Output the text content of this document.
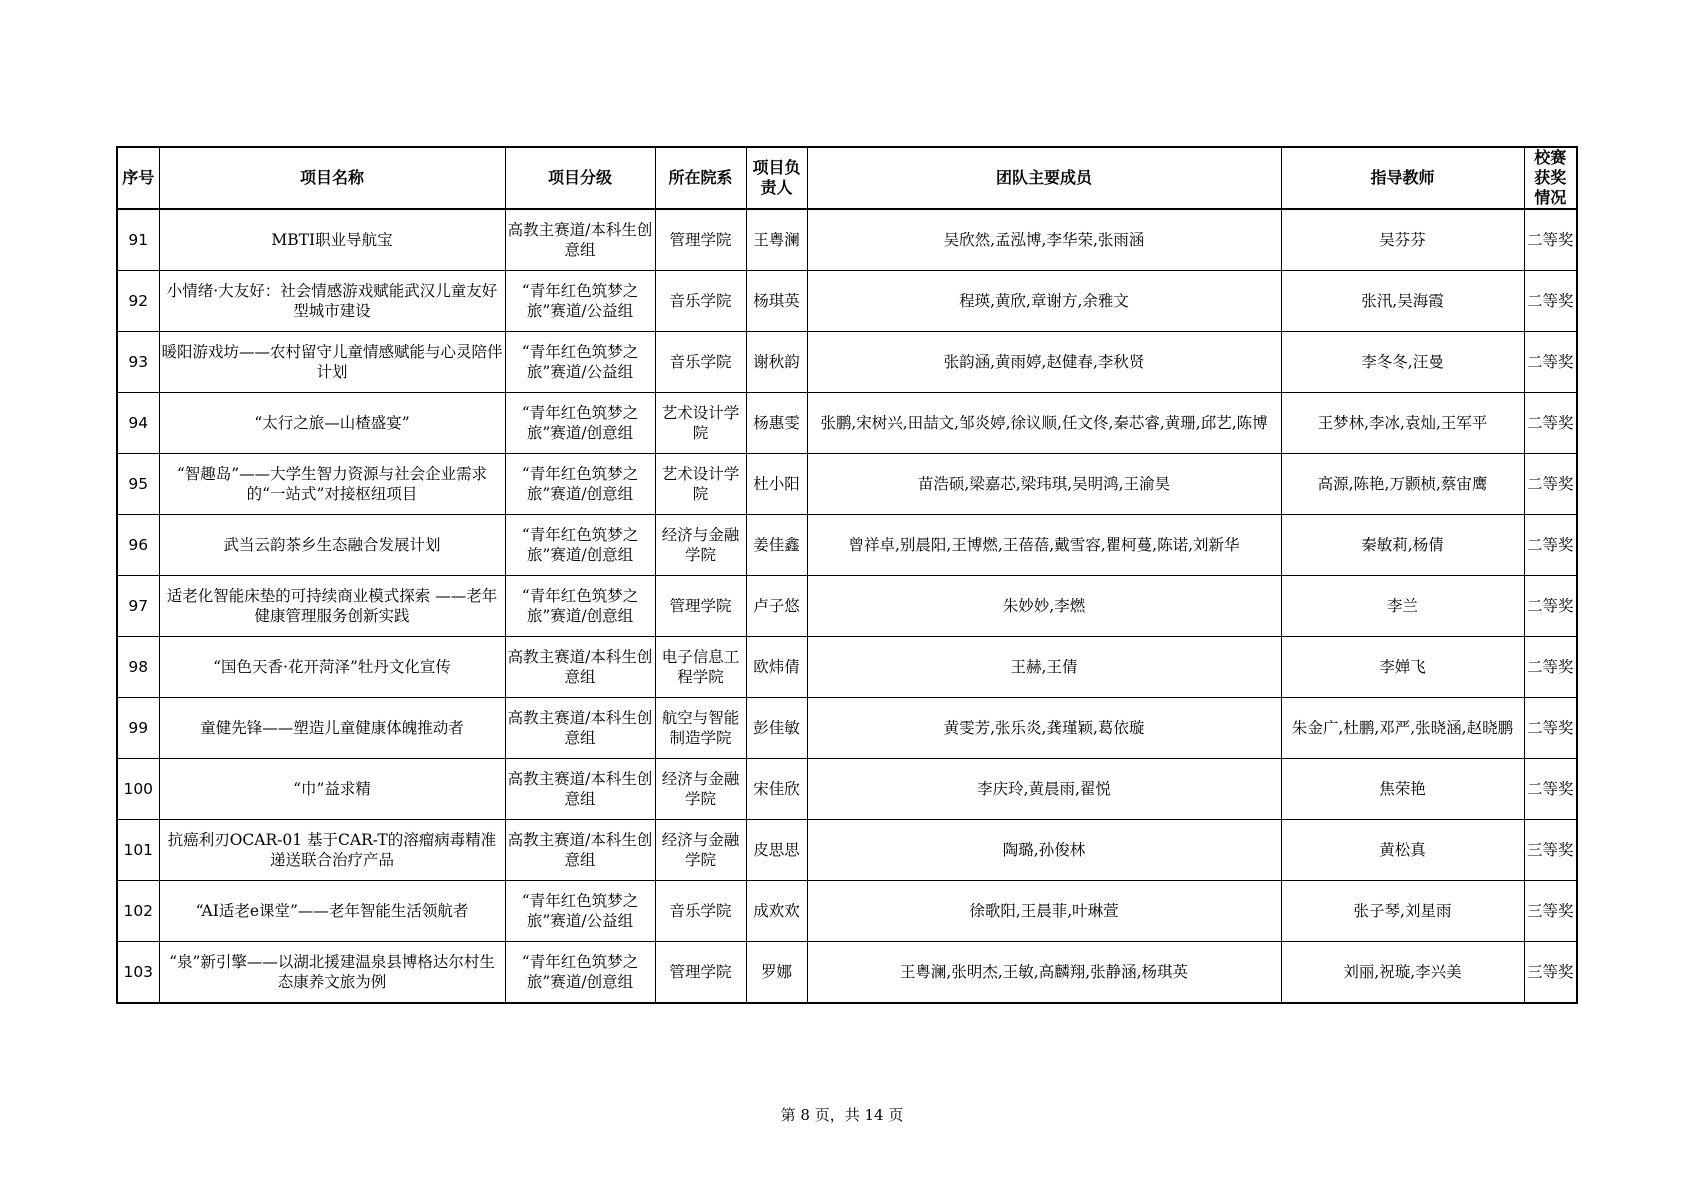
序号	项目名称	项目分级	所在院系	项目负责人	团队主要成员	指导教师	校赛获奖情况
91	MBTI职业导航宝	高教主赛道/本科生创意组	管理学院	王粤澜	吴欣然,孟泓博,李华荣,张雨涵	吴芬芬	二等奖
92	小情绪·大友好：社会情感游戏赋能武汉儿童友好型城市建设	“青年红色筑梦之旅”赛道/公益组	音乐学院	杨琪英	程瑛,黄欣,章谢方,余雅文	张汛,吴海霞	二等奖
93	暖阳游戏坊——农村留守儿童情感赋能与心灵陪伴计划	“青年红色筑梦之旅”赛道/公益组	音乐学院	谢秋韵	张韵涵,黄雨婷,赵健春,李秋贤	李冬冬,汪曼	二等奖
94	“太行之旅—山楂盛宴”	“青年红色筑梦之旅”赛道/创意组	艺术设计学院	杨惠雯	张鹏,宋树兴,田喆文,邹炎婷,徐议顺,任文佟,秦芯睿,黄珊,邱艺,陈博	王梦林,李冰,袁灿,王军平	二等奖
95	“智趣岛”——大学生智力资源与社会企业需求的“一站式”对接枢纽项目	“青年红色筑梦之旅”赛道/创意组	艺术设计学院	杜小阳	苗浩硕,梁嘉芯,梁玮琪,吴明鸿,王渝昊	高源,陈艳,万颢桢,蔡宙鹰	二等奖
96	武当云韵茶乡生态融合发展计划	“青年红色筑梦之旅”赛道/创意组	经济与金融学院	姜佳鑫	曾祥卓,别晨阳,王博燃,王蓓蓓,戴雪容,瞿柯蔓,陈诺,刘新华	秦敏莉,杨倩	二等奖
97	适老化智能床垫的可持续商业模式探索 ——老年健康管理服务创新实践	“青年红色筑梦之旅”赛道/创意组	管理学院	卢子悠	朱妙妙,李燃	李兰	二等奖
98	“国色天香·花开菏泽”牡丹文化宣传	高教主赛道/本科生创意组	电子信息工程学院	欧炜倩	王赫,王倩	李婵飞	二等奖
99	童健先锋——塑造儿童健康体魄推动者	高教主赛道/本科生创意组	航空与智能制造学院	彭佳敏	黄雯芳,张乐炎,龚瑾颖,葛依璇	朱金广,杜鹏,邓严,张晓涵,赵晓鹏	二等奖
100	“巾”益求精	高教主赛道/本科生创意组	经济与金融学院	宋佳欣	李庆玲,黄晨雨,翟悦	焦荣艳	二等奖
101	抗癌利刃OCAR-01 基于CAR-T的溶瘤病毒精准递送联合治疗产品	高教主赛道/本科生创意组	经济与金融学院	皮思思	陶璐,孙俊林	黄松真	三等奖
102	“AI适老e课堂”——老年智能生活领航者	“青年红色筑梦之旅”赛道/公益组	音乐学院	成欢欢	徐歌阳,王晨菲,叶琳萱	张子琴,刘星雨	三等奖
103	“泉”新引擎——以湖北援建温泉县博格达尔村生态康养文旅为例	“青年红色筑梦之旅”赛道/创意组	管理学院	罗娜	王粤澜,张明杰,王敏,高麟翔,张静涵,杨琪英	刘丽,祝璇,李兴美	三等奖
第 8 页，共 14 页
